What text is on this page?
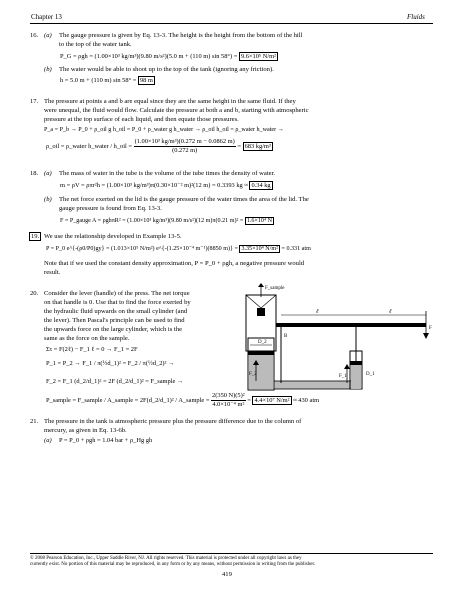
Chapter 13	Fluids
16. (a) The gauge pressure is given by Eq. 13-3. The height is the height from the bottom of the hill
to the top of the water tank.
P_G = ρgh = (1.00×10³ kg/m³)(9.80 m/s²)(5.0 m + (110 m) sin 58°) = 9.6×10⁵ N/m²
(b) The water would be able to shoot up to the top of the tank (ignoring any friction).
h = 5.0 m + (110 m) sin 58° = 98 m
17. The pressure at points a and b are equal since they are the same height in the same fluid. If they
were unequal, the fluid would flow. Calculate the pressure at both a and b, starting with atmospheric
pressure at the top surface of each liquid, and then equate those pressures.
P_a = P_b → P_0 + ρ_oil g h_oil = P_0 + ρ_water g h_water → ρ_oil h_oil = ρ_water h_water →
ρ_oil = ρ_water h_water / h_oil = $\frac{\text{(1.00×10³ kg/m³)(0.272 m − 0.0862 m)}}{(0.272 m)} = 683$ kg/m³
18. (a) The mass of water in the tube is the volume of the tube times the density of water.
m = ρV = ρπr²h = (1.00×10³ kg/m³)π(0.30×10⁻² m)²(12 m) = 0.3393 kg ≈ 0.34 kg
(b) The net force exerted on the lid is the gauge pressure of the water times the area of the lid. The
gauge pressure is found from Eq. 13-3.
F = P_gauge A = ρghπR² = (1.00×10³ kg/m³)(9.80 m/s²)(12 m)π(0.21 m)² = 1.6×10⁴ N
19. We use the relationship developed in Example 13-5.
P = P_0 e^{-(ρ0/P0)gy} = (1.013×10⁵ N/m²) e^{-(1.25×10⁻⁴ m⁻¹)(8850 m)} = 3.35×10⁴ N/m² = 0.331 atm
Note that if we used the constant density approximation, P = P_0 + ρgh, a negative pressure would
result.
20. Consider the lever (handle) of the press. The net torque
on that handle is 0. Use that to find the force exerted by
the hydraulic fluid upwards on the small cylinder (and
the lever). Then Pascal's principle can be used to find
the upwards force on the large cylinder, which is the
same as the force on the sample.
Στ = F(2ℓ) − F_1 ℓ = 0 → F_1 = 2F
P_1 = P_2 → F_1 / π(½d_1)² = F_2 / π(½d_2)² →
F_2 = F_1 (d_2/d_1)² = 2F (d_2/d_1)² = F_sample →
P_sample = F_sample / A_sample = 2F(d_2/d_1)² / A_sample = $\frac{\text{2(350 N)(5)²}}{\text{4.0×10⁻⁴ m²}} = 4.4\times 10^7$ N/m² ≈ 430 atm
F_sample
D_2
F_2	D_1
F_1
B
ℓ	ℓ
F
21. The pressure in the tank is atmospheric pressure plus the pressure difference due to the column of
mercury, as given in Eq. 13-6b.
(a) P = P_0 + ρgh = 1.04 bar + ρ_Hg gh
© 2008 Pearson Education, Inc., Upper Saddle River, NJ. All rights reserved. This material is protected under all copyright laws as they
currently exist. No portion of this material may be reproduced, in any form or by any means, without permission in writing from the publisher.
419
